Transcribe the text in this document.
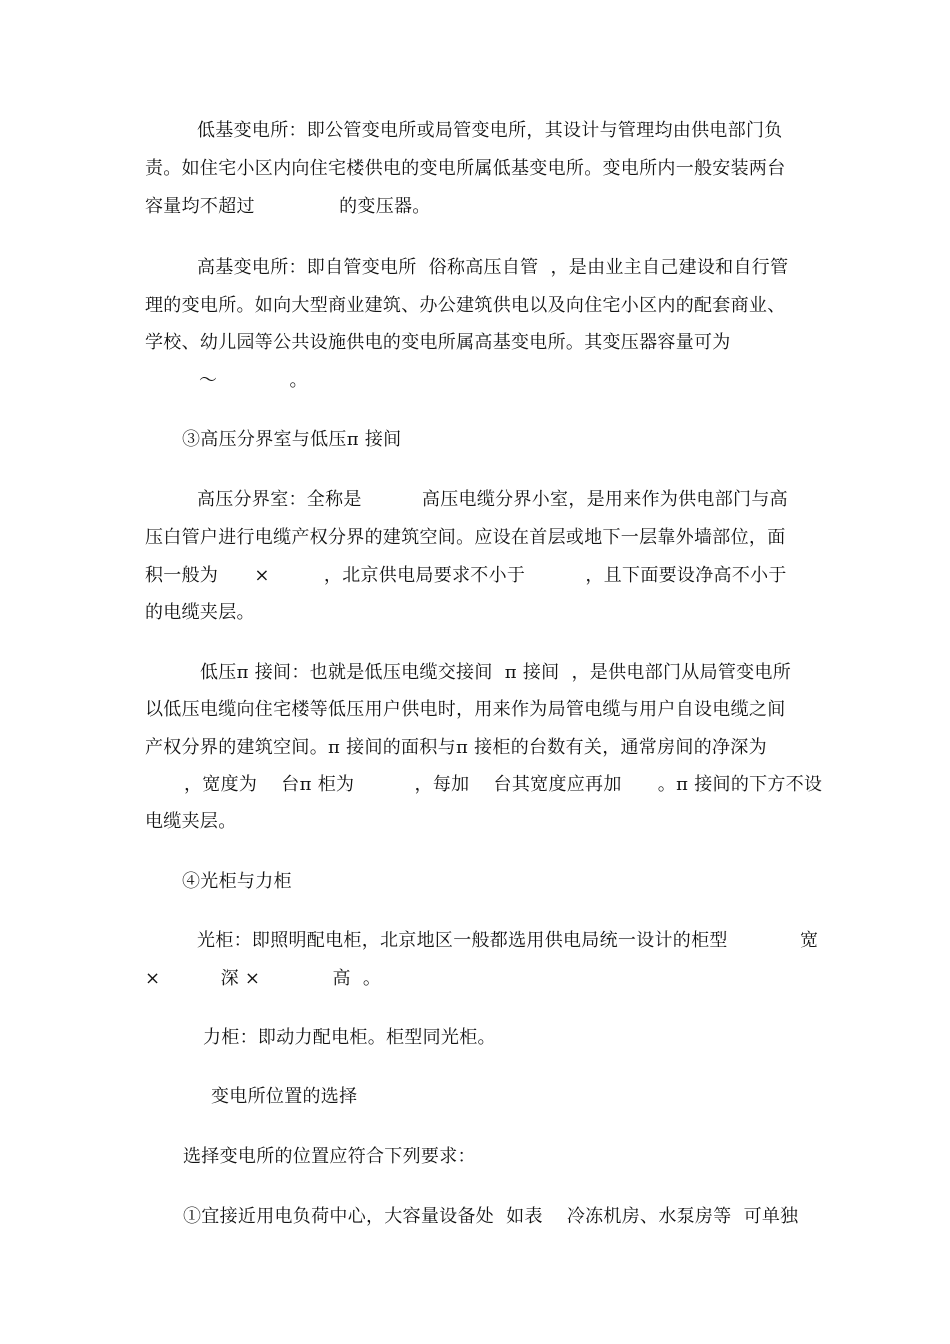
低基变电所：即公管变电所或局管变电所，其设计与管理均由供电部门负
责。如住宅小区内向住宅楼供电的变电所属低基变电所。变电所内一般安装两台
容量均不超过              的变压器。
高基变电所：即自管变电所  俗称高压自管  ，是由业主自己建设和自行管
理的变电所。如向大型商业建筑、办公建筑供电以及向住宅小区内的配套商业、
学校、幼儿园等公共设施供电的变电所属高基变电所。其变压器容量可为
～            。
③高压分界室与低压π 接间
高压分界室：全称是          高压电缆分界小室，是用来作为供电部门与高
压白管户进行电缆产权分界的建筑空间。应设在首层或地下一层靠外墙部位，面
积一般为      ×         ，北京供电局要求不小于          ，且下面要设净高不小于
的电缆夹层。
低压π 接间：也就是低压电缆交接间  π 接间  ，是供电部门从局管变电所
以低压电缆向住宅楼等低压用户供电时，用来作为局管电缆与用户自设电缆之间
产权分界的建筑空间。π 接间的面积与π 接柜的台数有关，通常房间的净深为
，宽度为    台π 柜为          ，每加    台其宽度应再加      。π 接间的下方不设
电缆夹层。
④光柜与力柜
光柜：即照明配电柜，北京地区一般都选用供电局统一设计的柜型            宽
×          深 ×            高  。
力柜：即动力配电柜。柜型同光柜。
变电所位置的选择
选择变电所的位置应符合下列要求：
①宜接近用电负荷中心，大容量设备处  如表    冷冻机房、水泵房等  可单独
